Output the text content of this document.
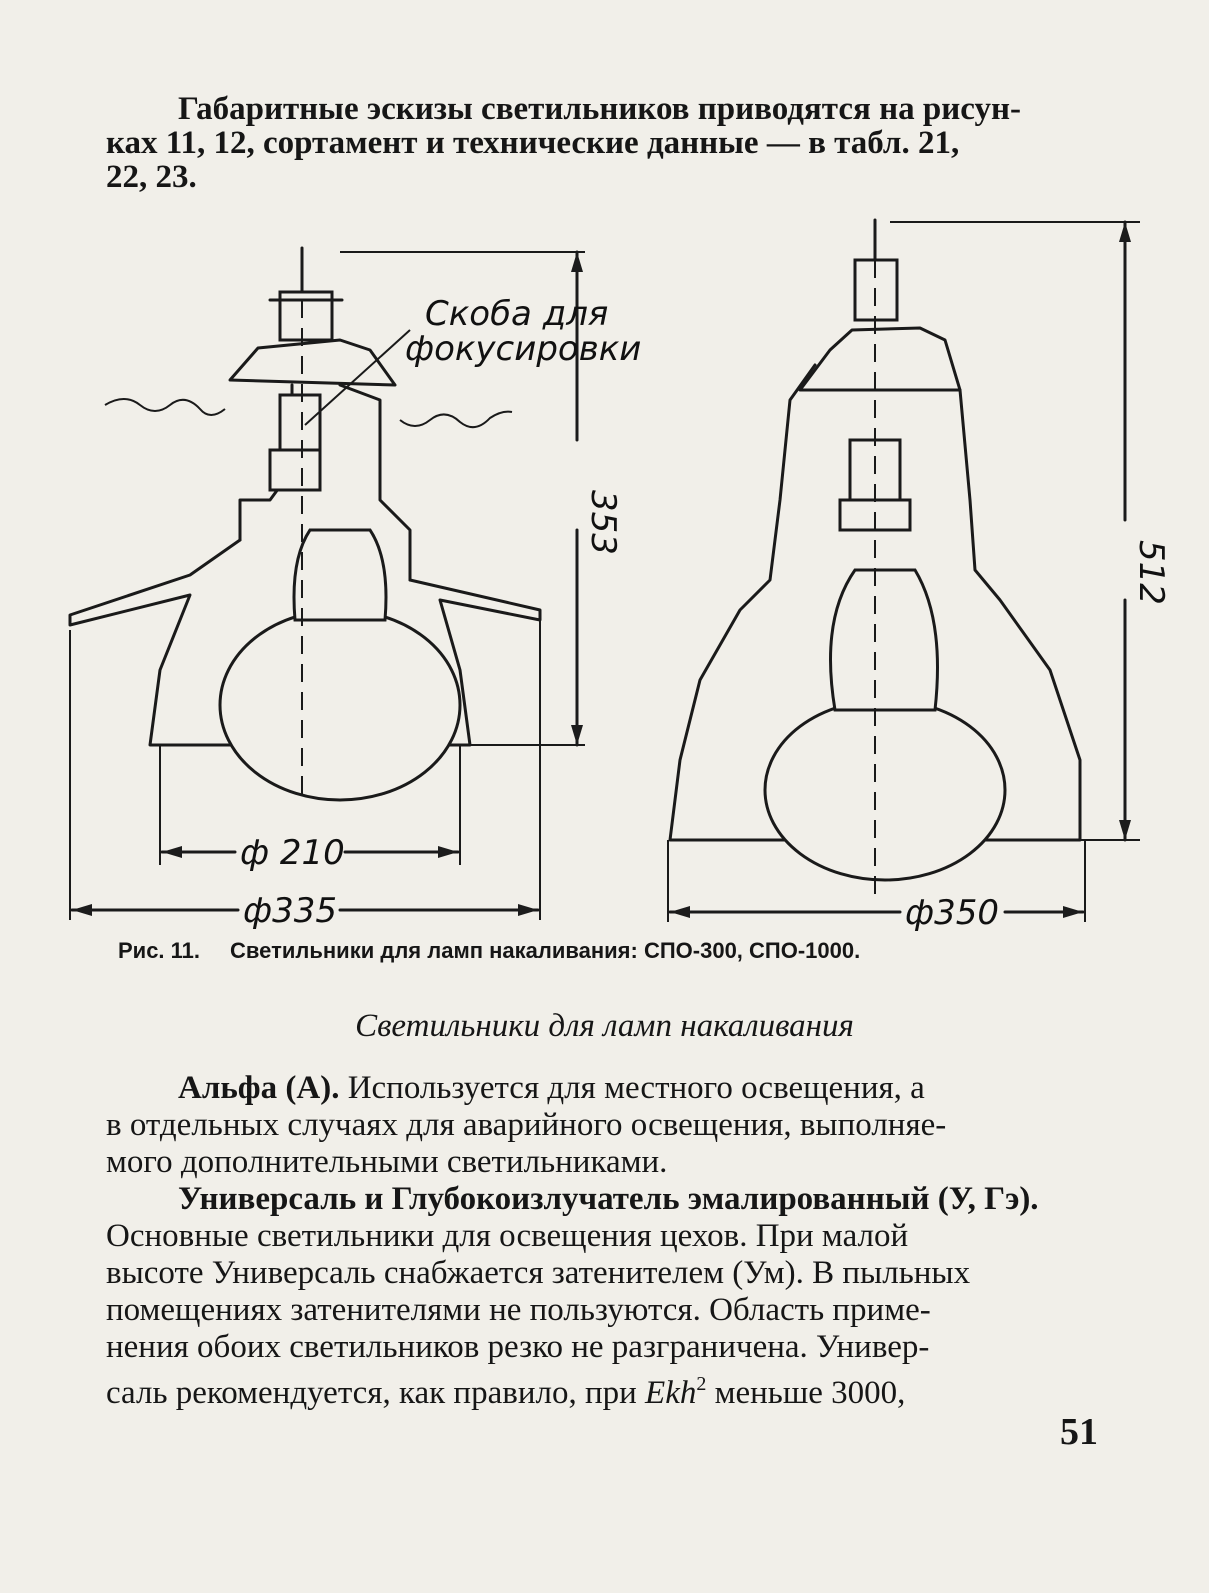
Габаритные эскизы светильников приводятся на рисун-
ках 11, 12, сортамент и технические данные — в табл. 21,
22, 23.

353
ф 210
ф335
Скоба для
фокусировки
512
ф350
Рис. 11. Светильники для ламп накаливания: СПО-300, СПО-1000.
Светильники для ламп накаливания

Альфа (А). Используется для местного освещения, а
в отдельных случаях для аварийного освещения, выполняе-
мого дополнительными светильниками.
Универсаль и Глубокоизлучатель эмалированный (У, Гэ).
Основные светильники для освещения цехов. При малой
высоте Универсаль снабжается затенителем (Ум). В пыльных
помещениях затенителями не пользуются. Область приме-
нения обоих светильников резко не разграничена. Универ-
саль рекомендуется, как правило, при Ekh$^2$ меньше 3000,

51
